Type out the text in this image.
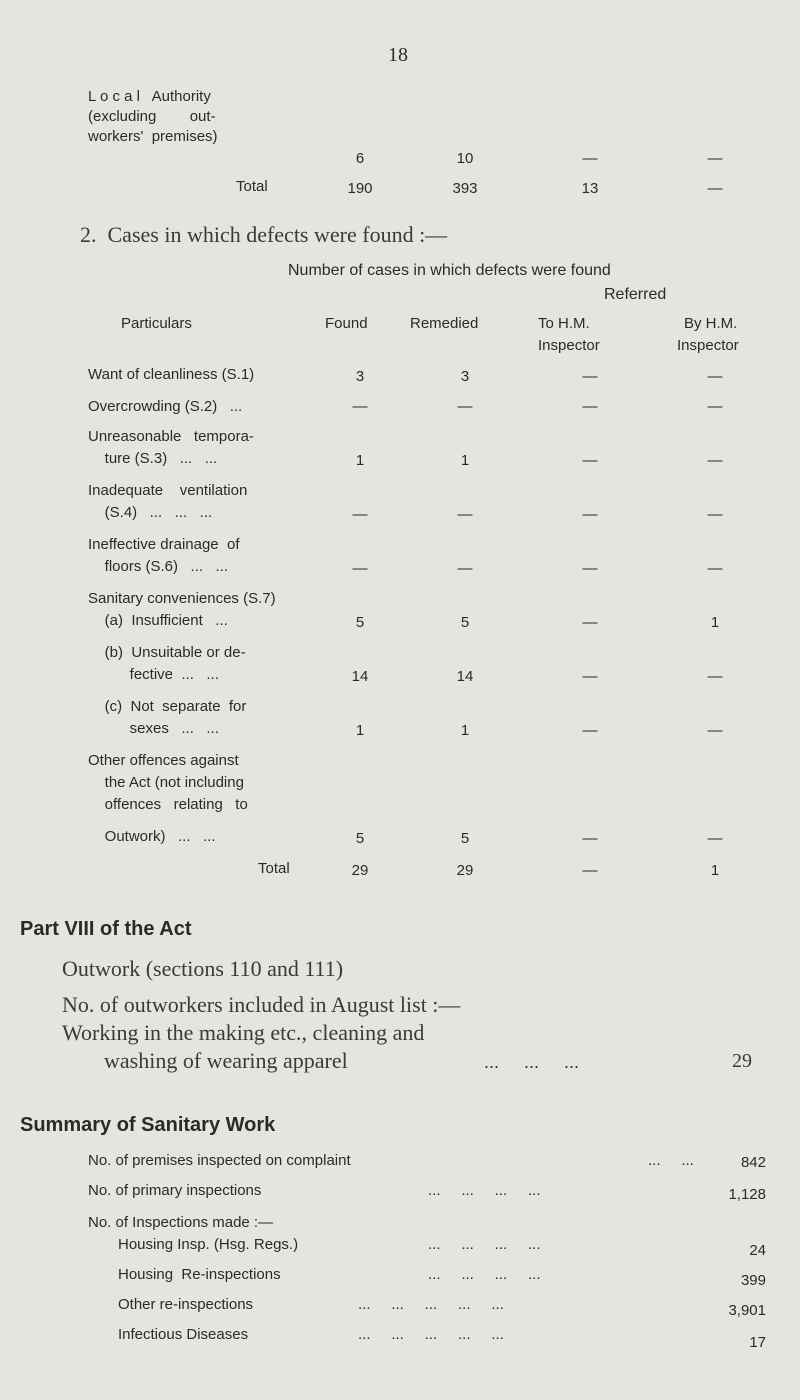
18
L o c a l   Authority
(excluding        out-
workers'  premises)
6	10	—	—
Total	190	393	13	—
2.  Cases in which defects were found :—
Number of cases in which defects were found
Referred
Particulars	Found	Remedied	To H.M.
Inspector
By H.M.
Inspector
Want of cleanliness (S.1)	3	3	—	—
Overcrowding (S.2)   ...	—	—	—	—
Unreasonable   tempora-
ture (S.3)   ...   ...	1	1	—	—
Inadequate    ventilation
(S.4)   ...   ...   ...	—	—	—	—
Ineffective drainage  of
floors (S.6)   ...   ...	—	—	—	—
Sanitary conveniences (S.7)
(a)  Insufficient   ...	5	5	—	1
(b)  Unsuitable or de-
fective  ...   ...	14	14	—	—
(c)  Not  separate  for
sexes   ...   ...	1	1	—	—
Other offences against
the Act (not including
offences   relating   to
Outwork)   ...   ...	5	5	—	—
Total	29	29	—	1
Part VIII of the Act
Outwork (sections 110 and 111)
No. of outworkers included in August list :—
Working in the making etc., cleaning and
washing of wearing apparel	...     ...     ...	29
Summary of Sanitary Work
No. of premises inspected on complaint	...     ...	842
No. of primary inspections	...     ...     ...     ...	1,128
No. of Inspections made :—
Housing Insp. (Hsg. Regs.)	...     ...     ...     ...	24
Housing  Re-inspections	...     ...     ...     ...	399
Other re-inspections	...     ...     ...     ...     ...	3,901
Infectious Diseases	...     ...     ...     ...     ...	17
